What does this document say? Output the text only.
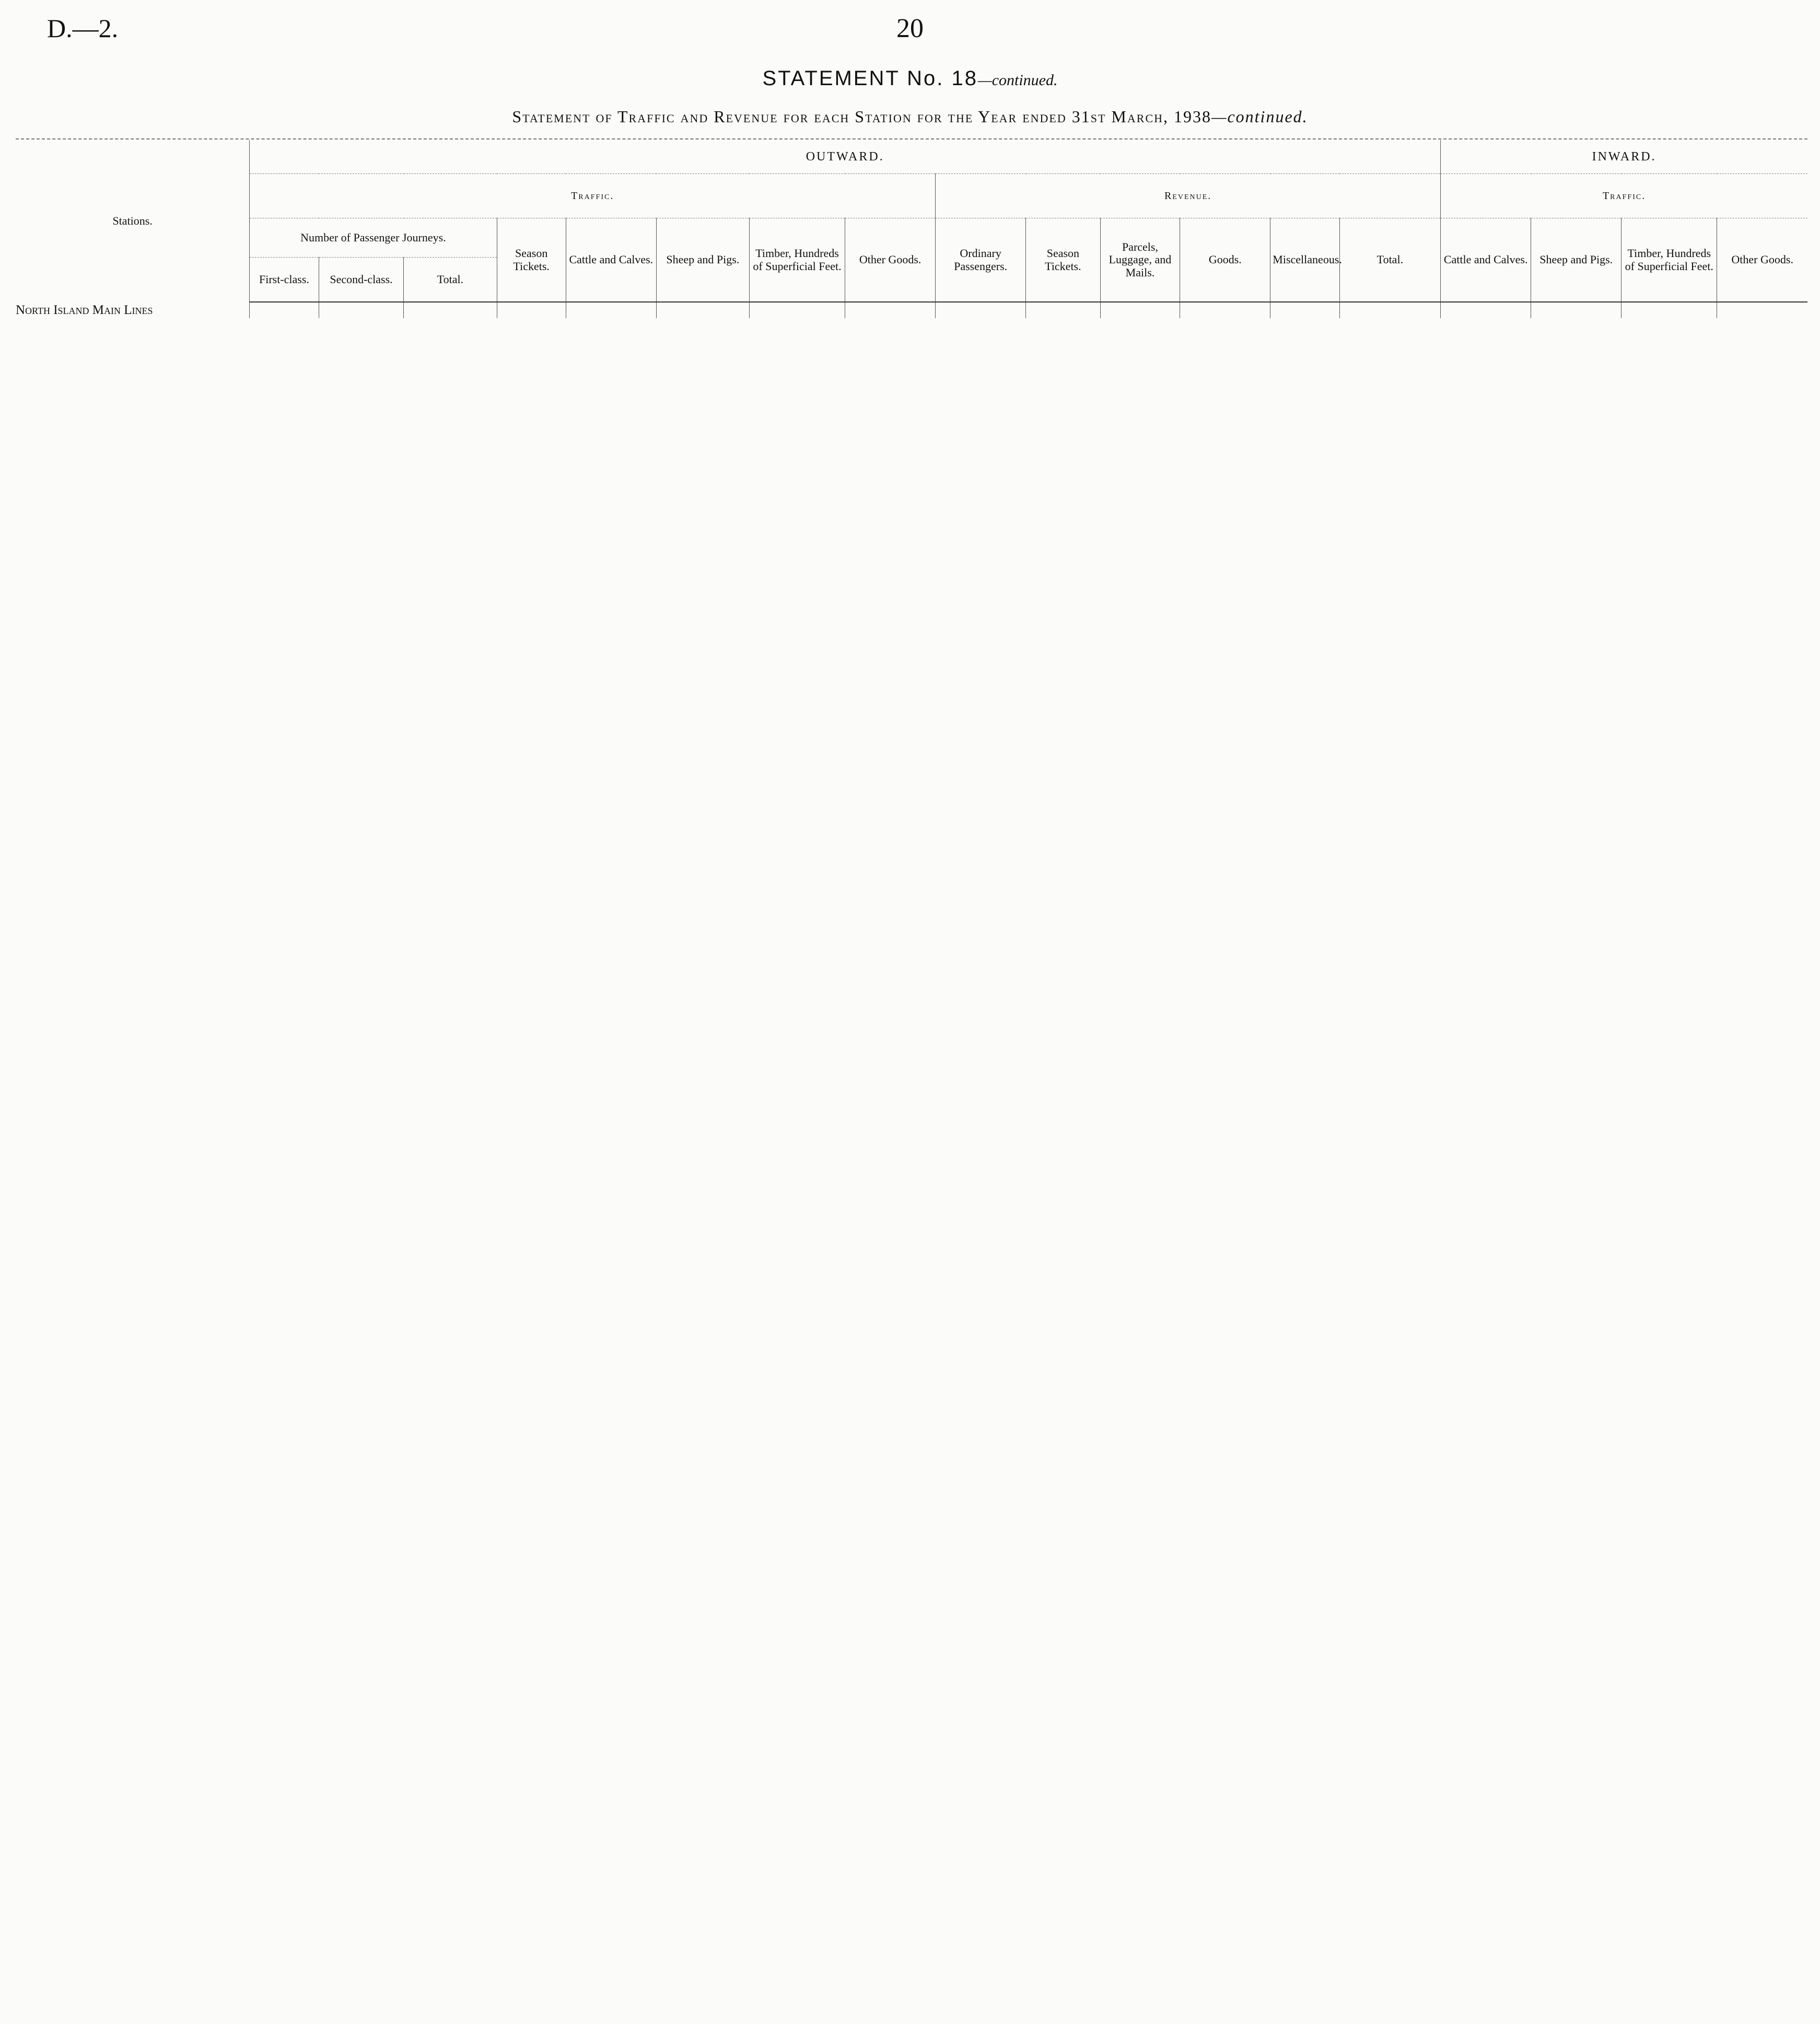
D.—2.	20
STATEMENT No. 18—continued.
Statement of Traffic and Revenue for each Station for the Year ended 31st March, 1938—continued.
Stations.	OUTWARD.														INWARD.			
	Traffic.								Revenue.						Traffic.			
	Number of Passenger Journeys.			Season Tickets.	Cattle and Calves.	Sheep and Pigs.	Timber, Hundreds of Superficial Feet.	Other Goods.	Ordinary Passengers.	Season Tickets.	Parcels, Luggage, and Mails.	Goods.	Miscellaneous.	Total.	Cattle and Calves.	Sheep and Pigs.	Timber, Hundreds of Superficial Feet.	Other Goods.
	First-class.	Second-class.	Total.															
North Island Main Lines																		
